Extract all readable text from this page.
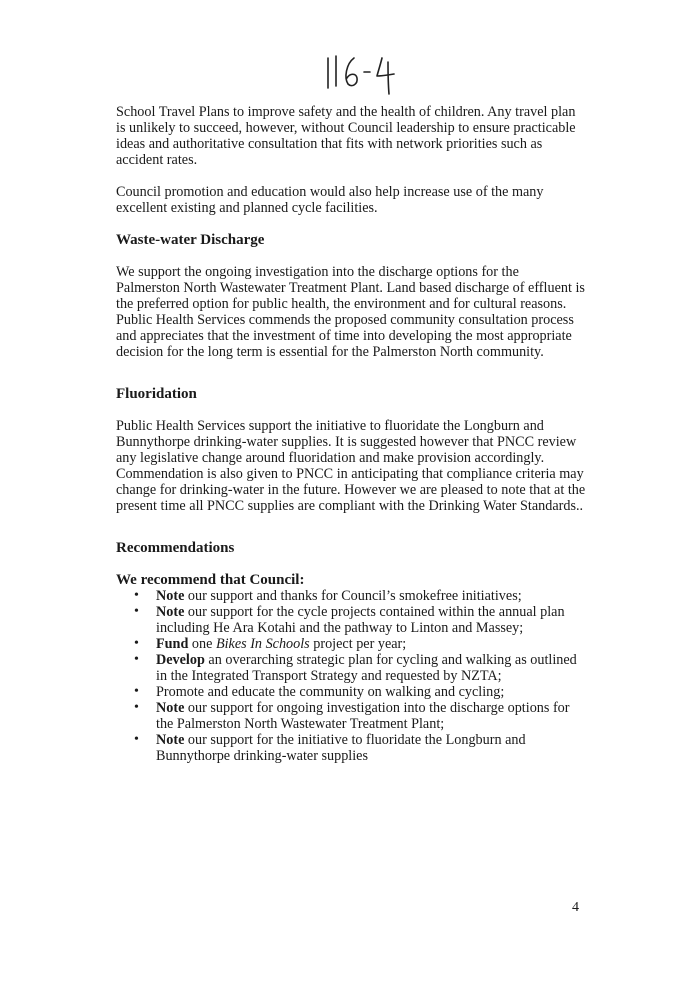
School Travel Plans to improve safety and the health of children. Any travel plan is unlikely to succeed, however, without Council leadership to ensure practicable ideas and authoritative consultation that fits with network priorities such as accident rates.

Council promotion and education would also help increase use of the many excellent existing and planned cycle facilities.

Waste-water Discharge

We support the ongoing investigation into the discharge options for the Palmerston North Wastewater Treatment Plant. Land based discharge of effluent is the preferred option for public health, the environment and for cultural reasons. Public Health Services commends the proposed community consultation process and appreciates that the investment of time into developing the most appropriate decision for the long term is essential for the Palmerston North community.

Fluoridation

Public Health Services support the initiative to fluoridate the Longburn and Bunnythorpe drinking-water supplies. It is suggested however that PNCC review any legislative change around fluoridation and make provision accordingly. Commendation is also given to PNCC in anticipating that compliance criteria may change for drinking-water in the future. However we are pleased to note that at the present time all PNCC supplies are compliant with the Drinking Water Standards..

Recommendations

We recommend that Council:

• Note our support and thanks for Council’s smokefree initiatives;
• Note our support for the cycle projects contained within the annual plan including He Ara Kotahi and the pathway to Linton and Massey;
• Fund one Bikes In Schools project per year;
• Develop an overarching strategic plan for cycling and walking as outlined in the Integrated Transport Strategy and requested by NZTA;
• Promote and educate the community on walking and cycling;
• Note our support for ongoing investigation into the discharge options for the Palmerston North Wastewater Treatment Plant;
• Note our support for the initiative to fluoridate the Longburn and Bunnythorpe drinking-water supplies
4
